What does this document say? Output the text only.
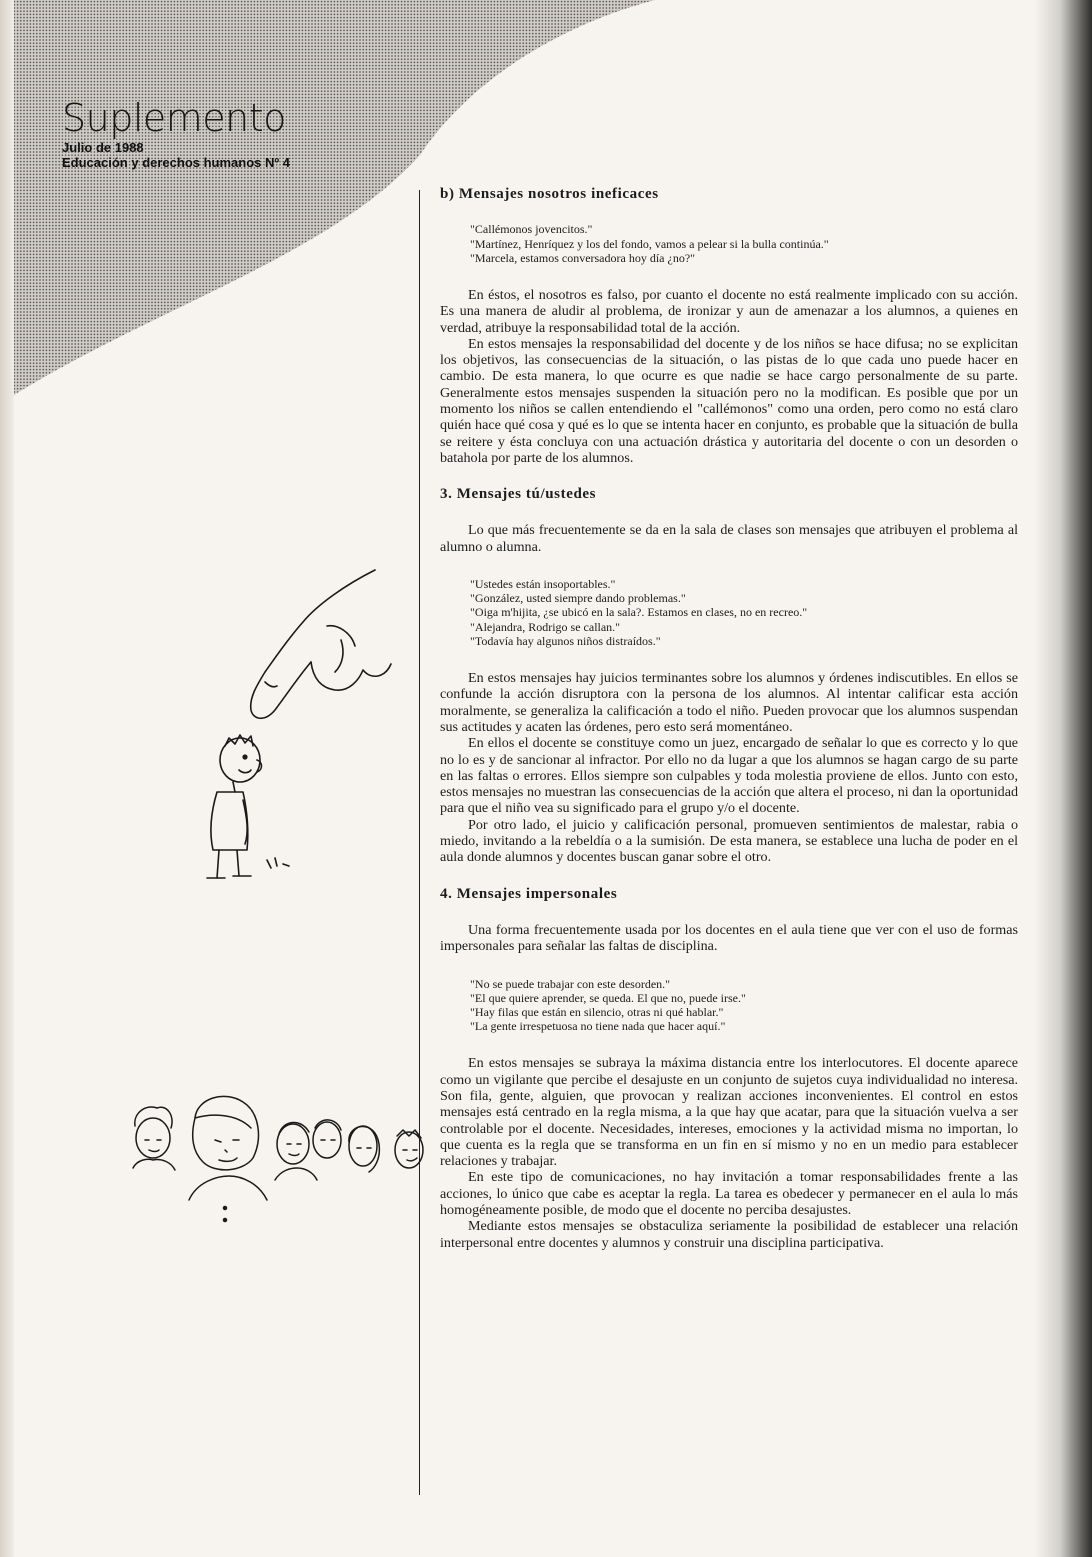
Suplemento
Julio de 1988
Educación y derechos humanos Nº 4
b) Mensajes nosotros ineficaces
"Callémonos jovencitos."
"Martínez, Henríquez y los del fondo, vamos a pelear si la bulla continúa."
"Marcela, estamos conversadora hoy día ¿no?"

En éstos, el nosotros es falso, por cuanto el docente no está realmente implicado con su acción. Es una manera de aludir al problema, de ironizar y aun de amenazar a los alumnos, a quienes en verdad, atribuye la responsabilidad total de la acción.

En estos mensajes la responsabilidad del docente y de los niños se hace difusa; no se explicitan los objetivos, las consecuencias de la situación, o las pistas de lo que cada uno puede hacer en cambio. De esta manera, lo que ocurre es que nadie se hace cargo personalmente de su parte. Generalmente estos mensajes suspenden la situación pero no la modifican. Es posible que por un momento los niños se callen entendiendo el "callémonos" como una orden, pero como no está claro quién hace qué cosa y qué es lo que se intenta hacer en conjunto, es probable que la situación de bulla se reitere y ésta concluya con una actuación drástica y autoritaria del docente o con un desorden o batahola por parte de los alumnos.

3. Mensajes tú/ustedes

Lo que más frecuentemente se da en la sala de clases son mensajes que atribuyen el problema al alumno o alumna.

"Ustedes están insoportables."
"González, usted siempre dando problemas."
"Oiga m'hijita, ¿se ubicó en la sala?. Estamos en clases, no en recreo."
"Alejandra, Rodrigo se callan."
"Todavía hay algunos niños distraídos."

En estos mensajes hay juicios terminantes sobre los alumnos y órdenes indiscutibles. En ellos se confunde la acción disruptora con la persona de los alumnos. Al intentar calificar esta acción moralmente, se generaliza la calificación a todo el niño. Pueden provocar que los alumnos suspendan sus actitudes y acaten las órdenes, pero esto será momentáneo.

En ellos el docente se constituye como un juez, encargado de señalar lo que es correcto y lo que no lo es y de sancionar al infractor. Por ello no da lugar a que los alumnos se hagan cargo de su parte en las faltas o errores. Ellos siempre son culpables y toda molestia proviene de ellos. Junto con esto, estos mensajes no muestran las consecuencias de la acción que altera el proceso, ni dan la oportunidad para que el niño vea su significado para el grupo y/o el docente.

Por otro lado, el juicio y calificación personal, promueven sentimientos de malestar, rabia o miedo, invitando a la rebeldía o a la sumisión. De esta manera, se establece una lucha de poder en el aula donde alumnos y docentes buscan ganar sobre el otro.

4. Mensajes impersonales

Una forma frecuentemente usada por los docentes en el aula tiene que ver con el uso de formas impersonales para señalar las faltas de disciplina.

"No se puede trabajar con este desorden."
"El que quiere aprender, se queda. El que no, puede irse."
"Hay filas que están en silencio, otras ni qué hablar."
"La gente irrespetuosa no tiene nada que hacer aquí."

En estos mensajes se subraya la máxima distancia entre los interlocutores. El docente aparece como un vigilante que percibe el desajuste en un conjunto de sujetos cuya individualidad no interesa. Son fila, gente, alguien, que provocan y realizan acciones inconvenientes. El control en estos mensajes está centrado en la regla misma, a la que hay que acatar, para que la situación vuelva a ser controlable por el docente. Necesidades, intereses, emociones y la actividad misma no importan, lo que cuenta es la regla que se transforma en un fin en sí mismo y no en un medio para establecer relaciones y trabajar.

En este tipo de comunicaciones, no hay invitación a tomar responsabilidades frente a las acciones, lo único que cabe es aceptar la regla. La tarea es obedecer y permanecer en el aula lo más homogéneamente posible, de modo que el docente no perciba desajustes.

Mediante estos mensajes se obstaculiza seriamente la posibilidad de establecer una relación interpersonal entre docentes y alumnos y construir una disciplina participativa.
